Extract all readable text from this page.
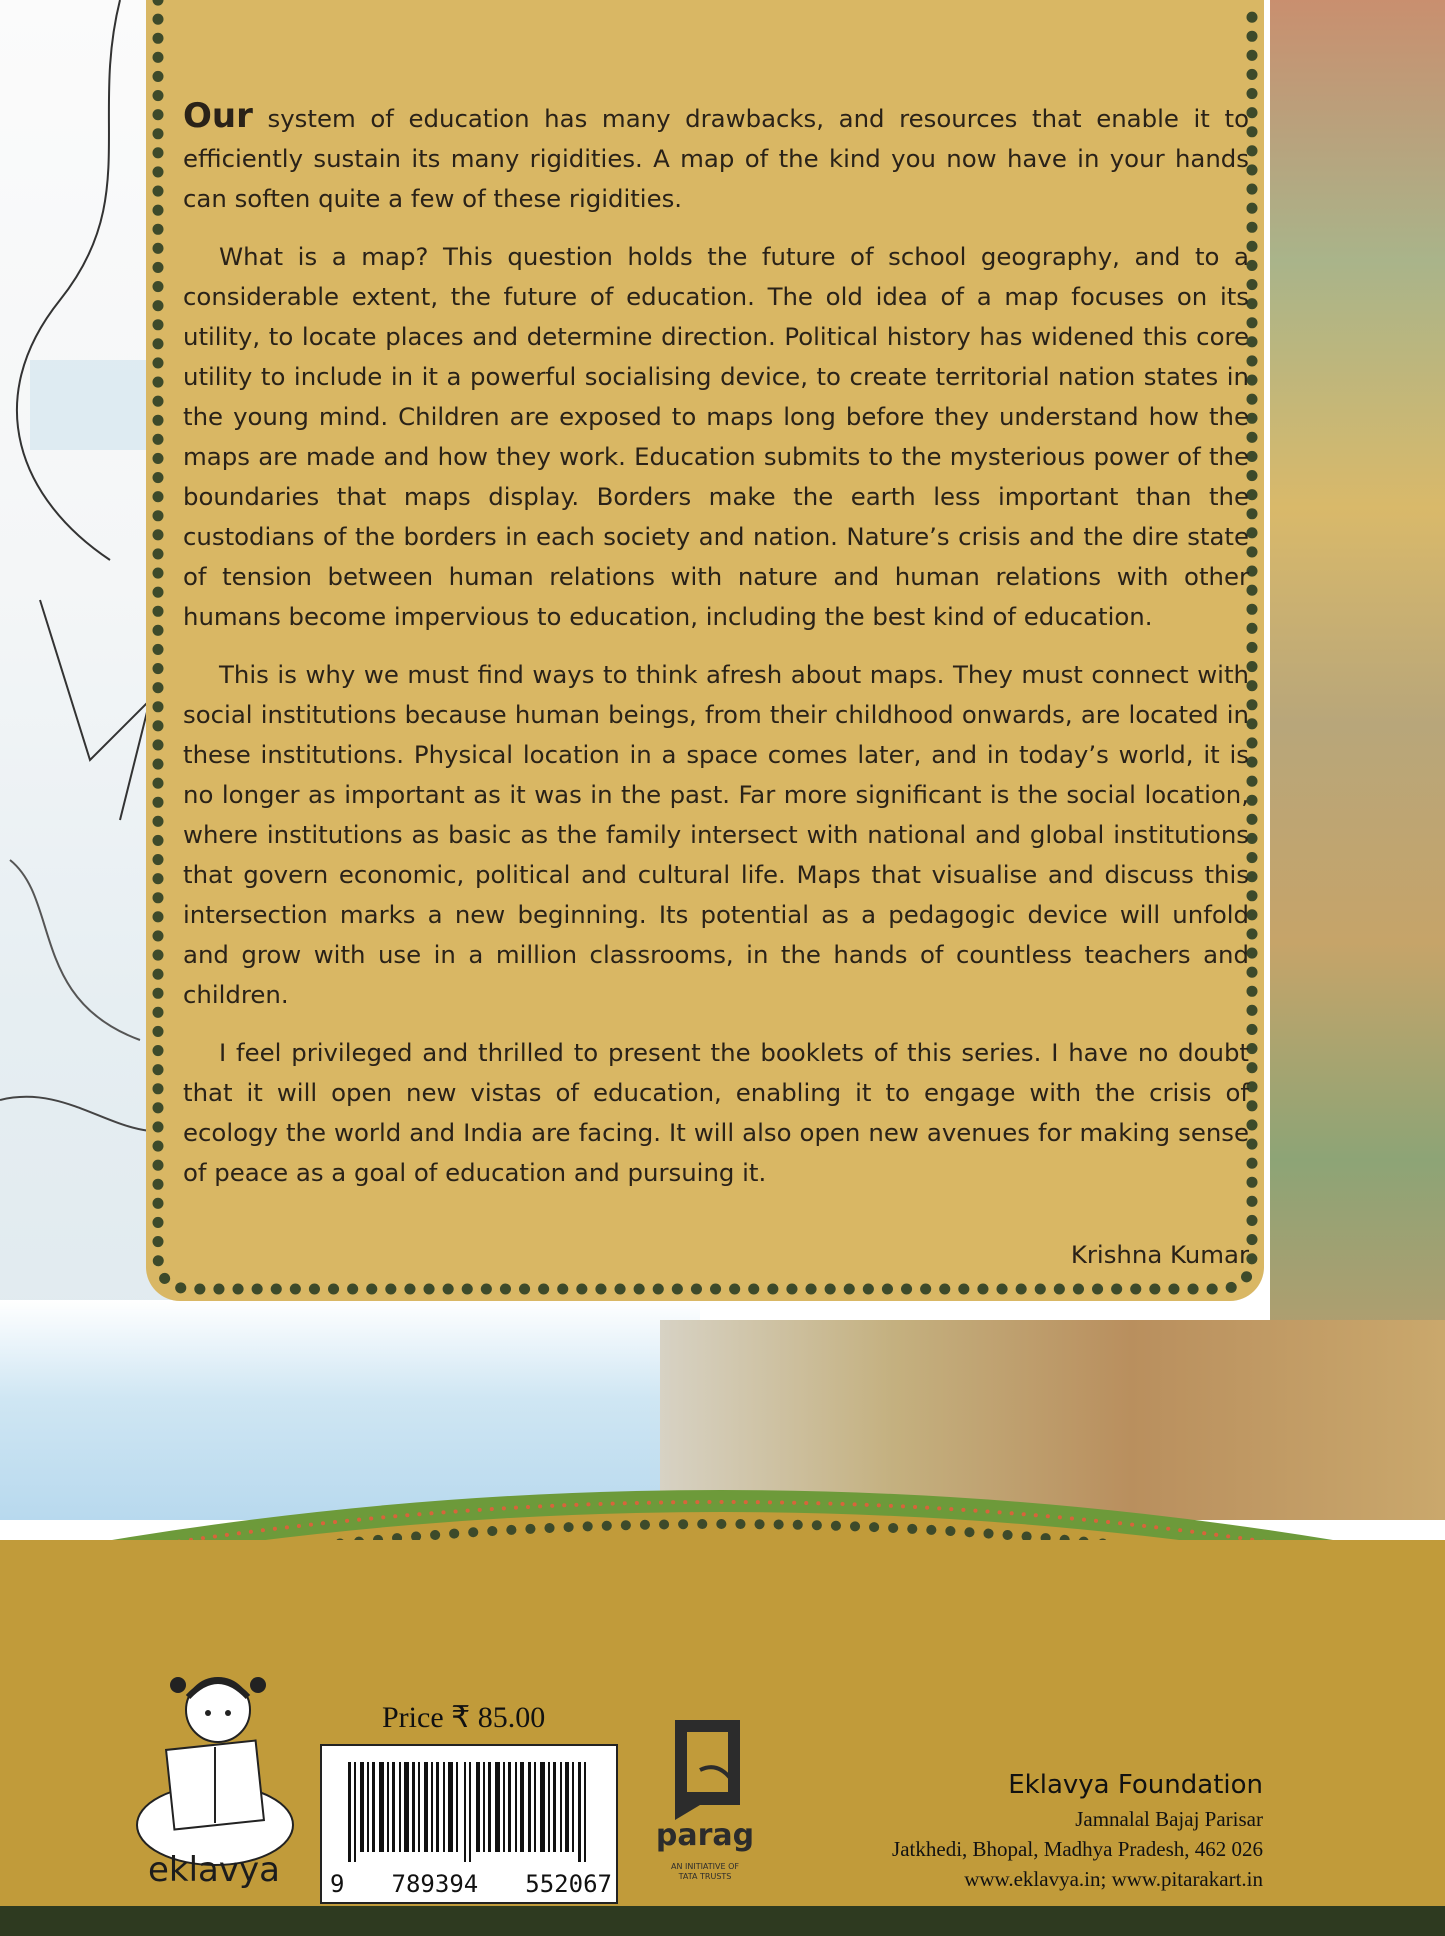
Our system of education has many drawbacks, and resources that enable it to efficiently sustain its many rigidities. A map of the kind you now have in your hands can soften quite a few of these rigidities.

What is a map? This question holds the future of school geography, and to a considerable extent, the future of education. The old idea of a map focuses on its utility, to locate places and determine direction. Political history has widened this core utility to include in it a powerful socialising device, to create territorial nation states in the young mind. Children are exposed to maps long before they understand how the maps are made and how they work. Education submits to the mysterious power of the boundaries that maps display. Borders make the earth less important than the custodians of the borders in each society and nation. Nature’s crisis and the dire state of tension between human relations with nature and human relations with other humans become impervious to education, including the best kind of education.

This is why we must find ways to think afresh about maps. They must connect with social institutions because human beings, from their childhood onwards, are located in these institutions. Physical location in a space comes later, and in today’s world, it is no longer as important as it was in the past. Far more significant is the social location, where institutions as basic as the family intersect with national and global institutions that govern economic, political and cultural life. Maps that visualise and discuss this intersection marks a new beginning. Its potential as a pedagogic device will unfold and grow with use in a million classrooms, in the hands of countless teachers and children.

I feel privileged and thrilled to present the booklets of this series. I have no doubt that it will open new vistas of education, enabling it to engage with the crisis of ecology the world and India are facing. It will also open new avenues for making sense of peace as a goal of education and pursuing it.

Krishna Kumar
eklavya
Price ₹ 85.00
9 789394 552067
parag
AN INITIATIVE OF
TATA TRUSTS
Eklavya Foundation
Jamnalal Bajaj Parisar
Jatkhedi, Bhopal, Madhya Pradesh, 462 026
www.eklavya.in; www.pitarakart.in
